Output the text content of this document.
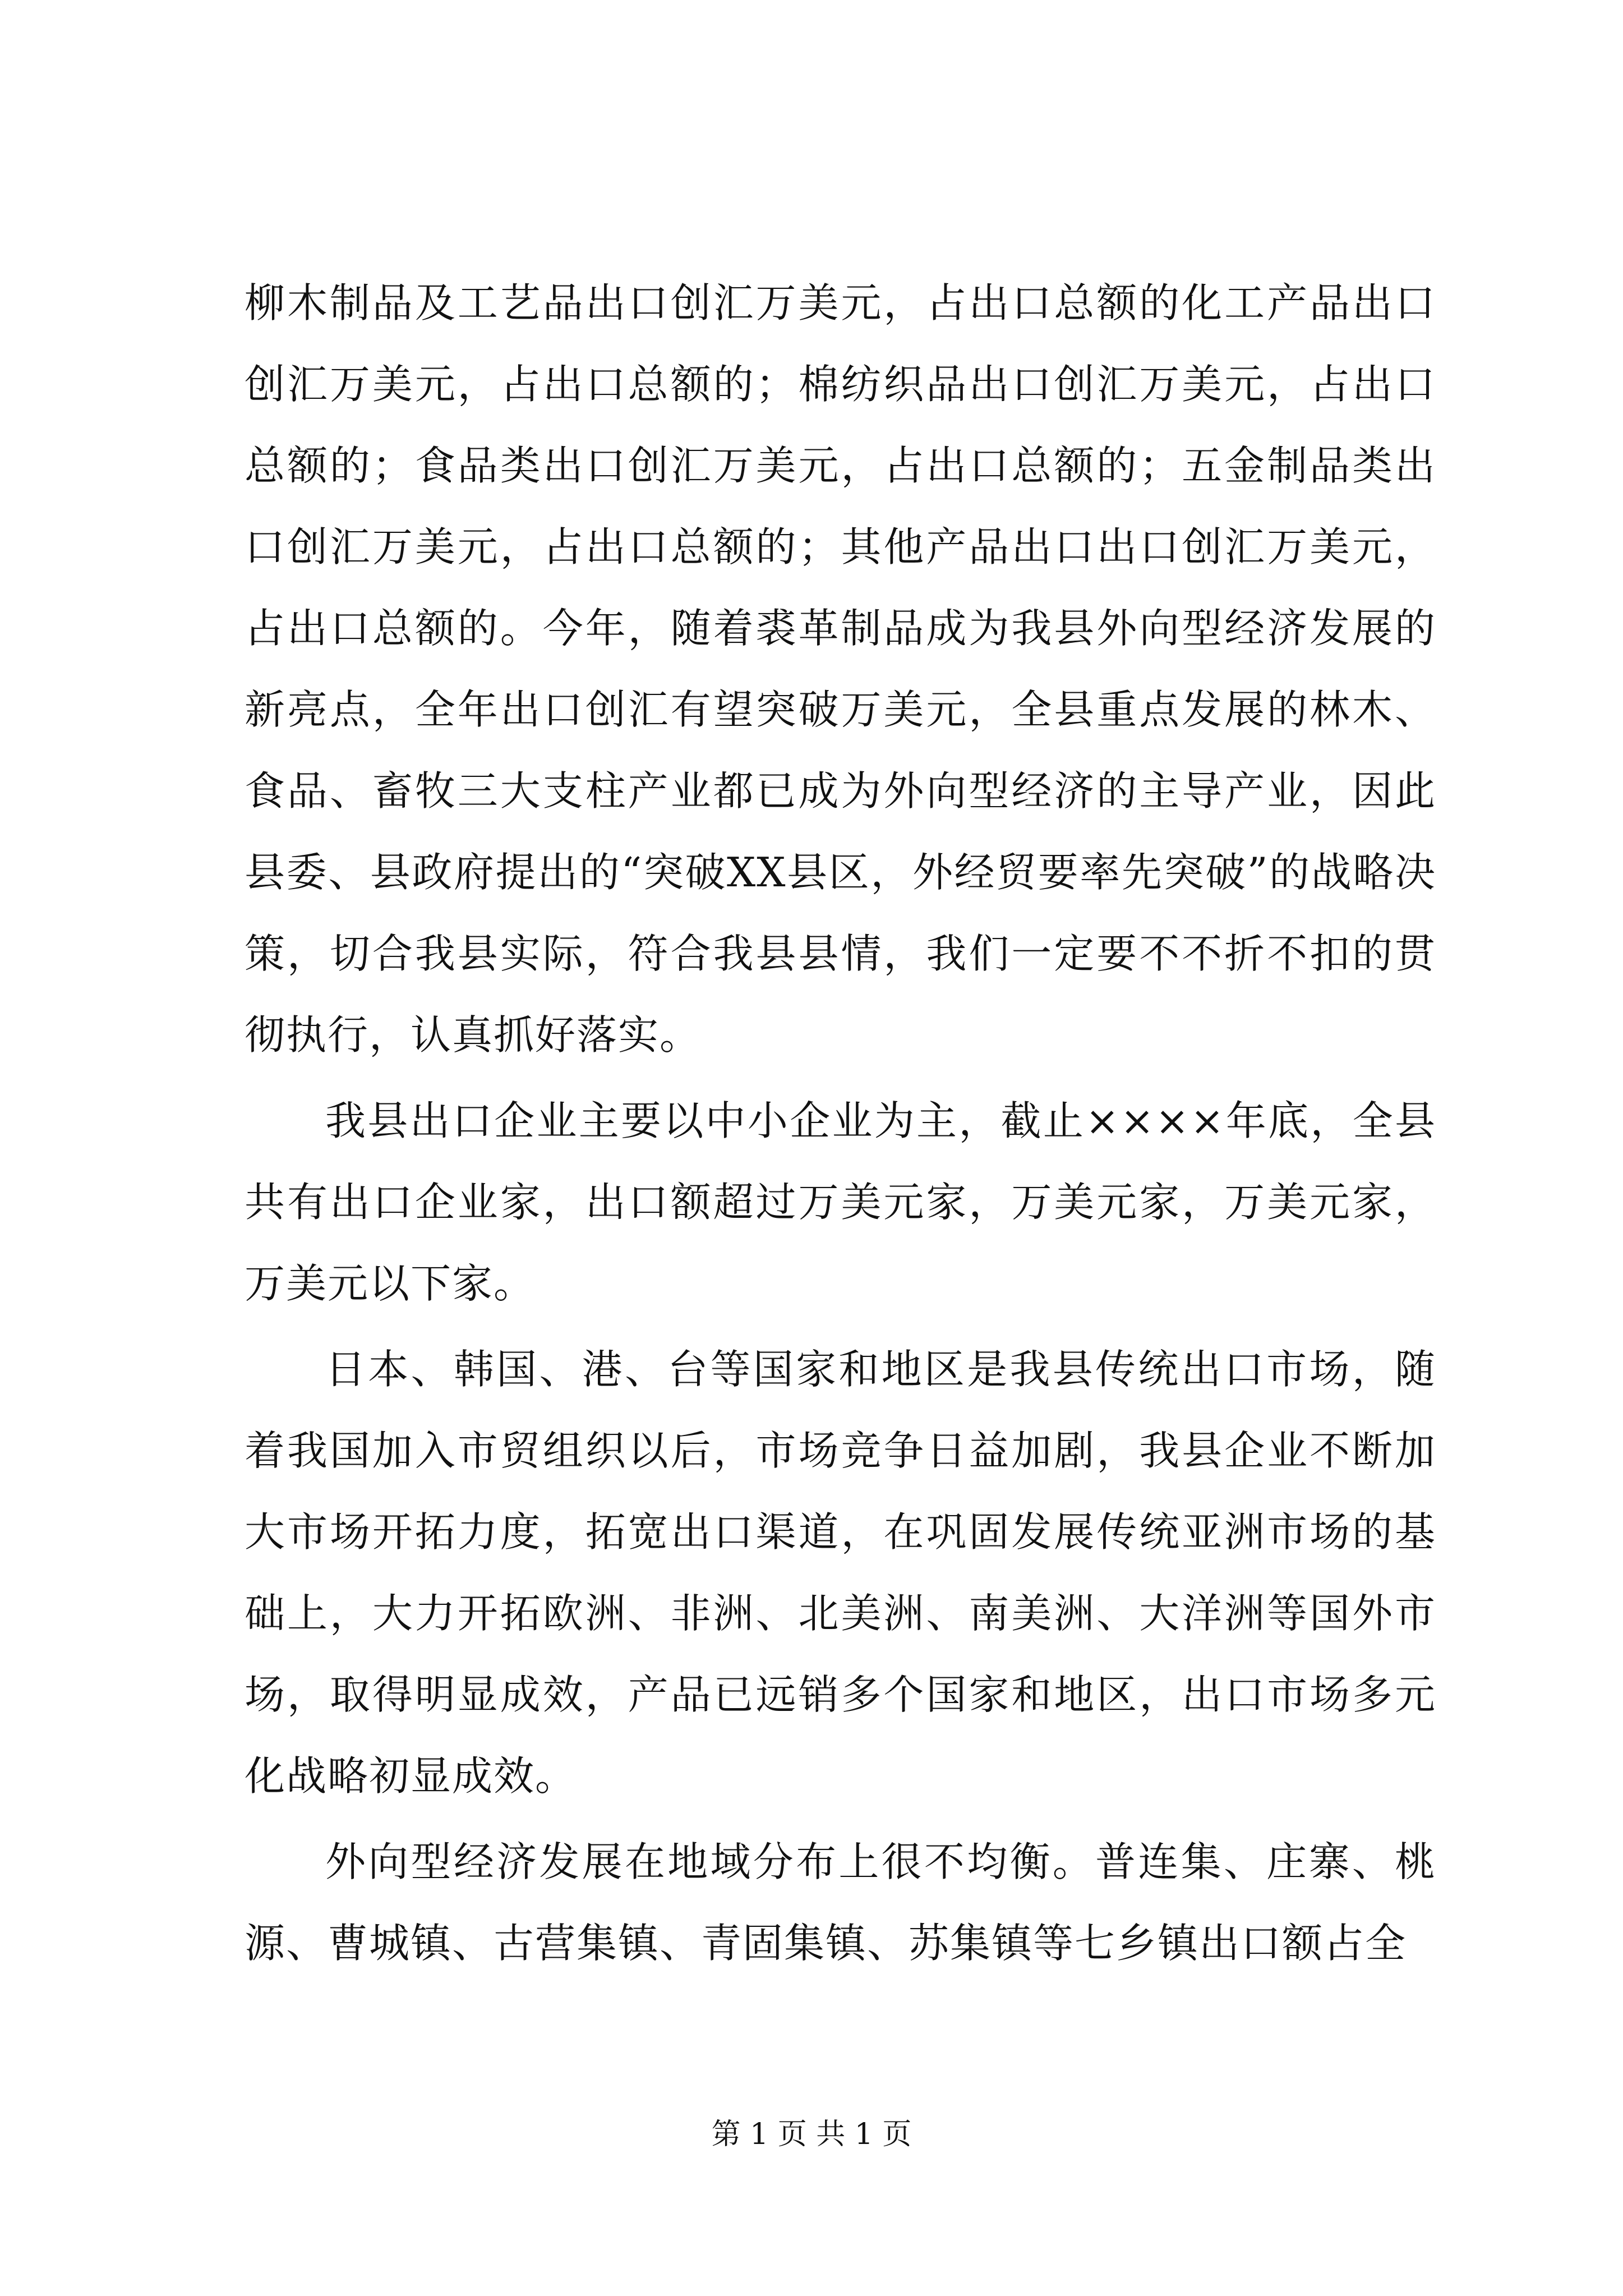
柳木制品及工艺品出口创汇万美元，占出口总额的化工产品出口创汇万美元，占出口总额的；棉纺织品出口创汇万美元，占出口总额的；食品类出口创汇万美元，占出口总额的；五金制品类出口创汇万美元，占出口总额的；其他产品出口出口创汇万美元，占出口总额的。今年，随着裘革制品成为我县外向型经济发展的新亮点，全年出口创汇有望突破万美元，全县重点发展的林木、食品、畜牧三大支柱产业都已成为外向型经济的主导产业，因此县委、县政府提出的“突破XX县区，外经贸要率先突破”的战略决策，切合我县实际，符合我县县情，我们一定要不不折不扣的贯彻执行，认真抓好落实。

我县出口企业主要以中小企业为主，截止××××年底，全县共有出口企业家，出口额超过万美元家，万美元家，万美元家，万美元以下家。

日本、韩国、港、台等国家和地区是我县传统出口市场，随着我国加入市贸组织以后，市场竞争日益加剧，我县企业不断加大市场开拓力度，拓宽出口渠道，在巩固发展传统亚洲市场的基础上，大力开拓欧洲、非洲、北美洲、南美洲、大洋洲等国外市场，取得明显成效，产品已远销多个国家和地区，出口市场多元化战略初显成效。

外向型经济发展在地域分布上很不均衡。普连集、庄寨、桃源、曹城镇、古营集镇、青固集镇、苏集镇等七乡镇出口额占全

第 1 页 共 1 页
